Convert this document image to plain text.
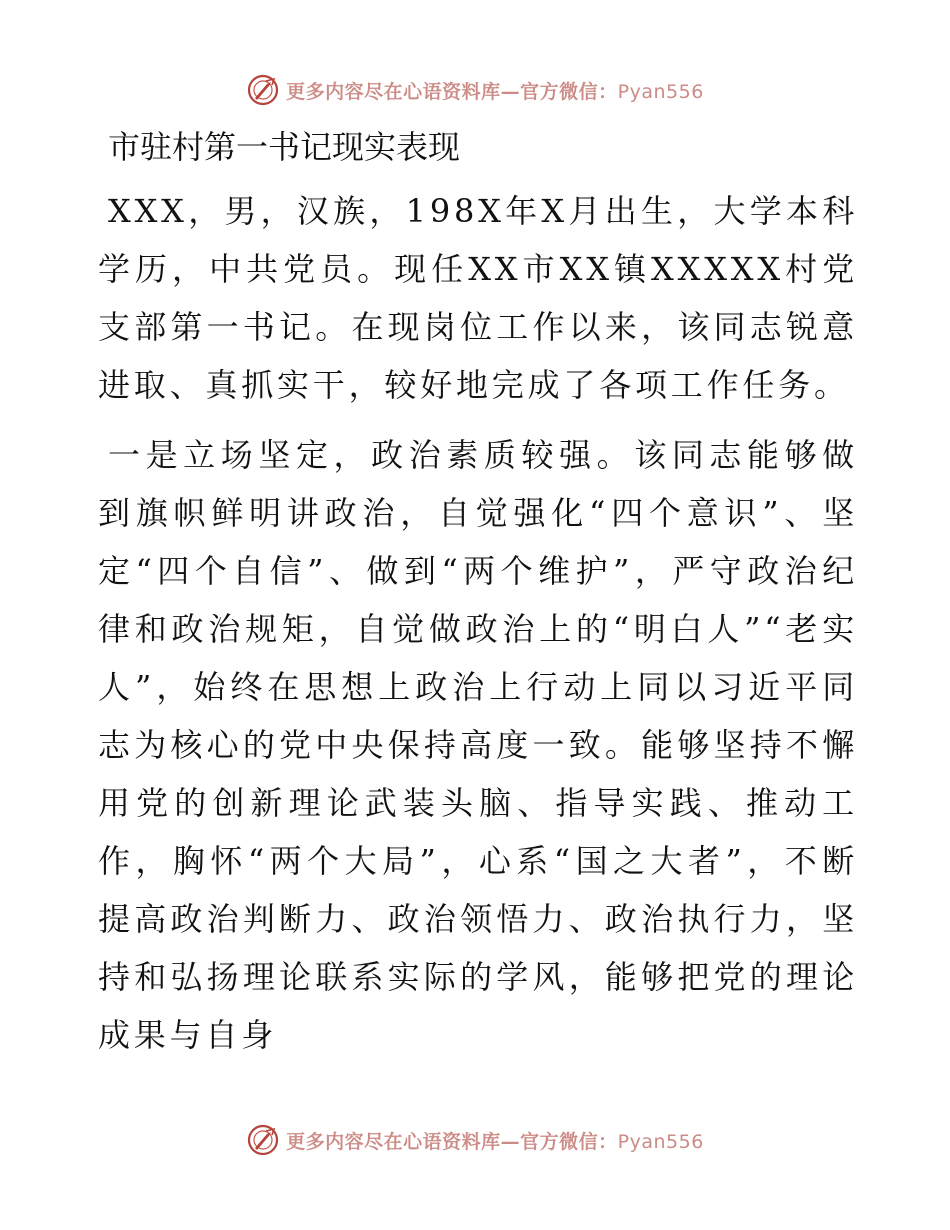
更多内容尽在心语资料库—官方微信：Pyan556
市驻村第一书记现实表现

XXX，男，汉族，198X年X月出生，大学本科学历，中共党员。现任XX市XX镇XXXXX村党支部第一书记。在现岗位工作以来，该同志锐意进取、真抓实干，较好地完成了各项工作任务。

一是立场坚定，政治素质较强。该同志能够做到旗帜鲜明讲政治，自觉强化“四个意识”、坚定“四个自信”、做到“两个维护”，严守政治纪律和政治规矩，自觉做政治上的“明白人”“老实人”，始终在思想上政治上行动上同以习近平同志为核心的党中央保持高度一致。能够坚持不懈用党的创新理论武装头脑、指导实践、推动工作，胸怀“两个大局”，心系“国之大者”，不断提高政治判断力、政治领悟力、政治执行力，坚持和弘扬理论联系实际的学风，能够把党的理论成果与自身

更多内容尽在心语资料库—官方微信：Pyan556
